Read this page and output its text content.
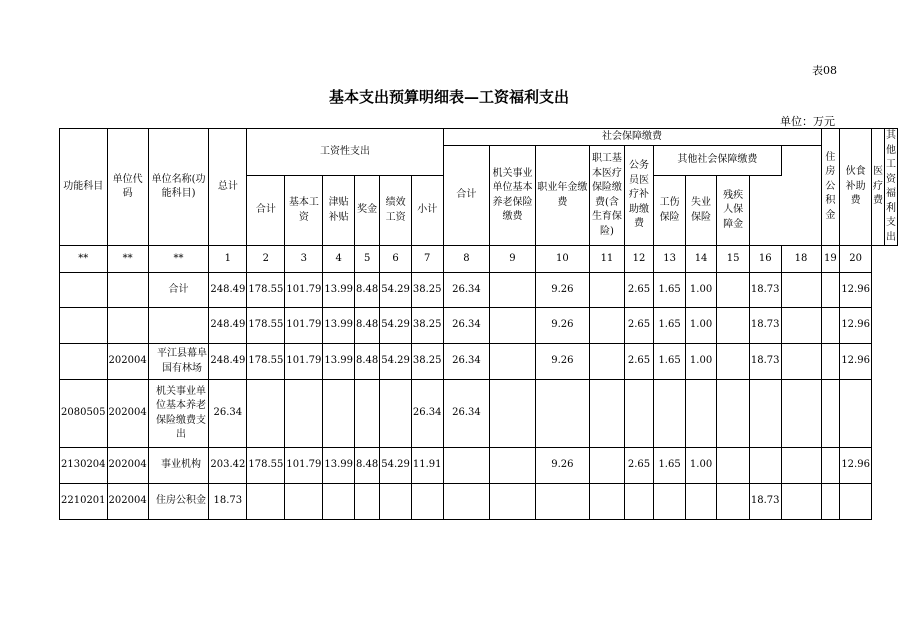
表08
基本支出预算明细表—工资福利支出
单位：万元
功能科目	单位代码	单位名称(功能科目)	总计	工资性支出						社会保障缴费										住房公积金	伙食补助费	医疗费	其他工资福利支出
										合计	机关事业单位基本养老保险缴费	职业年金缴费	职工基本医疗保险缴费(含生育保险)	公务员医疗补助缴费	其他社会保障缴费								
				合计	基本工资	津贴补贴	奖金	绩效工资	小计						工伤保险	失业保险	残疾人保障金						

**	**	**	1	2	3	4	5	6	7	8	9	10	11	12	13	14	15	16	18	19	20		
		合计	248.49	178.55	101.79	13.99	8.48	54.29	38.25	26.34		9.26		2.65	1.65	1.00		18.73			12.96		
			248.49	178.55	101.79	13.99	8.48	54.29	38.25	26.34		9.26		2.65	1.65	1.00		18.73			12.96		
	202004	平江县幕阜国有林场	248.49	178.55	101.79	13.99	8.48	54.29	38.25	26.34		9.26		2.65	1.65	1.00		18.73			12.96		
2080505	202004	机关事业单位基本养老保险缴费支出	26.34						26.34	26.34													
2130204	202004	事业机构	203.42	178.55	101.79	13.99	8.48	54.29	11.91			9.26		2.65	1.65	1.00					12.96		
2210201	202004	住房公积金	18.73															18.73					
